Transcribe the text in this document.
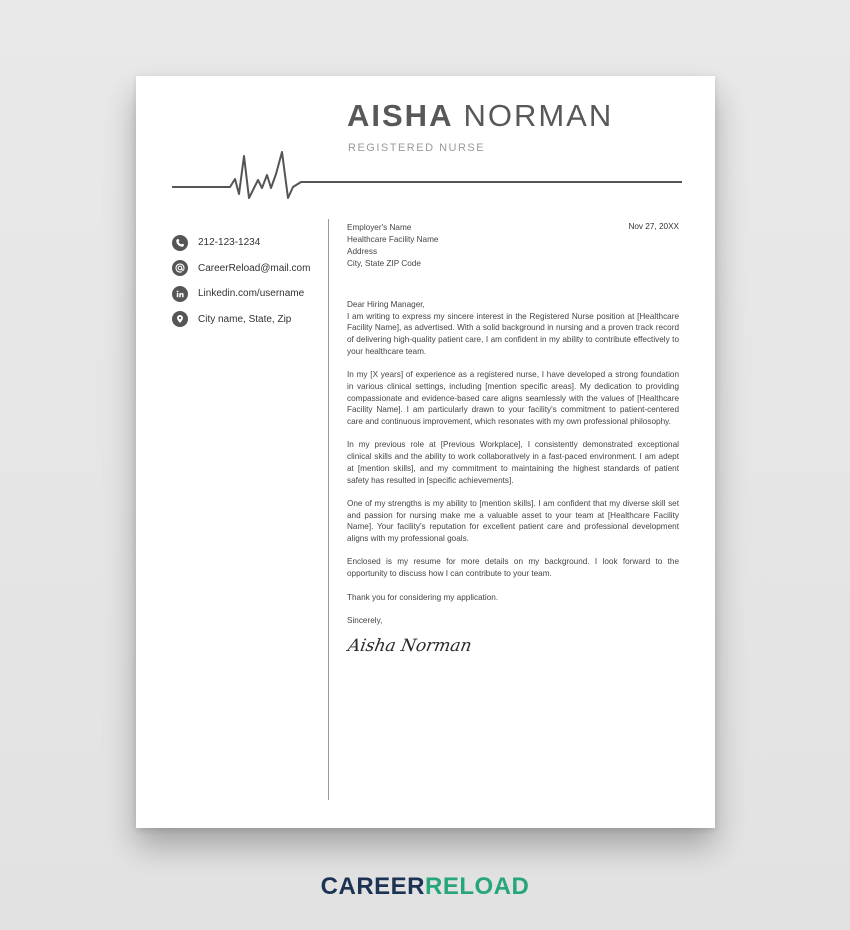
AISHA NORMAN
REGISTERED NURSE
212-123-1234
CareerReload@mail.com
Linkedin.com/username
City name, State, Zip
Nov 27, 20XX
Employer's Name
Healthcare Facility Name
Address
City, State ZIP Code

Dear Hiring Manager,

I am writing to express my sincere interest in the Registered Nurse position at [Healthcare Facility Name], as advertised. With a solid background in nursing and a proven track record of delivering high-quality patient care, I am confident in my ability to contribute effectively to your healthcare team.

In my [X years] of experience as a registered nurse, I have developed a strong foundation in various clinical settings, including [mention specific areas]. My dedication to providing compassionate and evidence-based care aligns seamlessly with the values of [Healthcare Facility Name]. I am particularly drawn to your facility's commitment to patient-centered care and continuous improvement, which resonates with my own professional philosophy.

In my previous role at [Previous Workplace], I consistently demonstrated exceptional clinical skills and the ability to work collaboratively in a fast-paced environment. I am adept at [mention skills], and my commitment to maintaining the highest standards of patient safety has resulted in [specific achievements].

One of my strengths is my ability to [mention skills]. I am confident that my diverse skill set and passion for nursing make me a valuable asset to your team at [Healthcare Facility Name]. Your facility's reputation for excellent patient care and professional development aligns with my professional goals.

Enclosed is my resume for more details on my background. I look forward to the opportunity to discuss how I can contribute to your team.

Thank you for considering my application.

Sincerely,

Aisha Norman
CAREERRELOAD
